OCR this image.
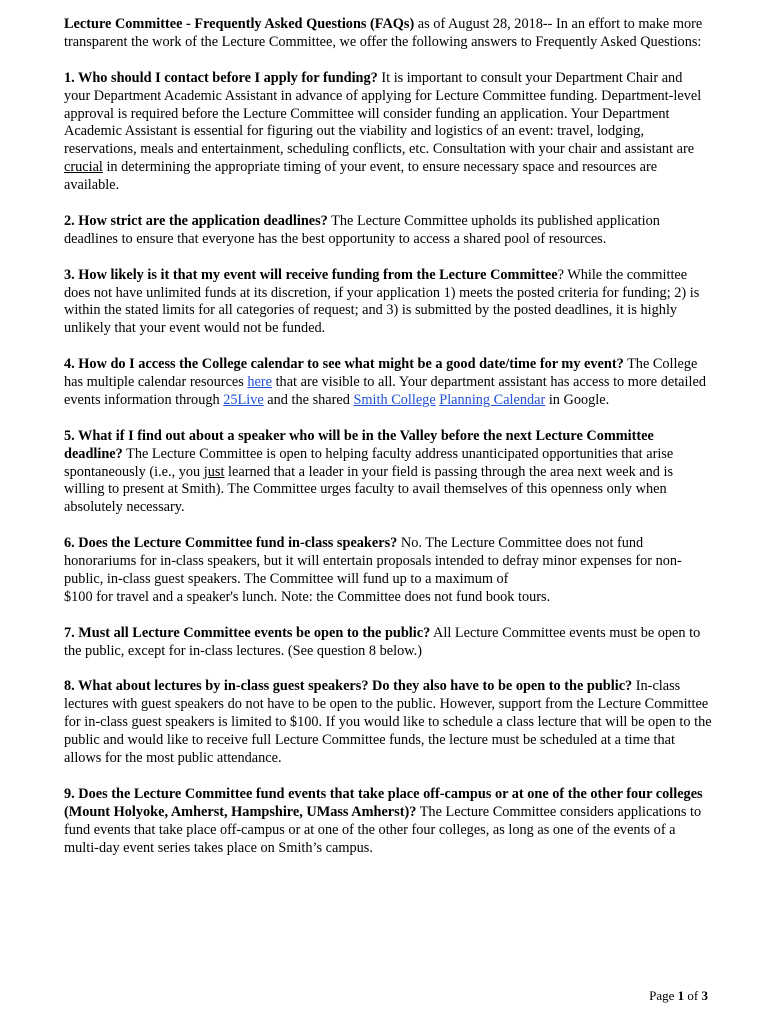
Lecture Committee - Frequently Asked Questions (FAQs) as of August 28, 2018-- In an effort to make more transparent the work of the Lecture Committee, we offer the following answers to Frequently Asked Questions:

1. Who should I contact before I apply for funding? It is important to consult your Department Chair and your Department Academic Assistant in advance of applying for Lecture Committee funding. Department-level approval is required before the Lecture Committee will consider funding an application. Your Department Academic Assistant is essential for figuring out the viability and logistics of an event: travel, lodging, reservations, meals and entertainment, scheduling conflicts, etc. Consultation with your chair and assistant are crucial in determining the appropriate timing of your event, to ensure necessary space and resources are available.

2. How strict are the application deadlines? The Lecture Committee upholds its published application deadlines to ensure that everyone has the best opportunity to access a shared pool of resources.

3. How likely is it that my event will receive funding from the Lecture Committee? While the committee does not have unlimited funds at its discretion, if your application 1) meets the posted criteria for funding; 2) is within the stated limits for all categories of request; and 3) is submitted by the posted deadlines, it is highly unlikely that your event would not be funded.

4. How do I access the College calendar to see what might be a good date/time for my event? The College has multiple calendar resources here that are visible to all. Your department assistant has access to more detailed events information through 25Live and the shared Smith College Planning Calendar in Google.

5. What if I find out about a speaker who will be in the Valley before the next Lecture Committee deadline? The Lecture Committee is open to helping faculty address unanticipated opportunities that arise spontaneously (i.e., you just learned that a leader in your field is passing through the area next week and is willing to present at Smith). The Committee urges faculty to avail themselves of this openness only when absolutely necessary.

6. Does the Lecture Committee fund in-class speakers? No. The Lecture Committee does not fund honorariums for in-class speakers, but it will entertain proposals intended to defray minor expenses for non-public, in-class guest speakers. The Committee will fund up to a maximum of
$100 for travel and a speaker's lunch. Note: the Committee does not fund book tours.

7. Must all Lecture Committee events be open to the public? All Lecture Committee events must be open to the public, except for in-class lectures. (See question 8 below.)

8. What about lectures by in-class guest speakers? Do they also have to be open to the public? In-class lectures with guest speakers do not have to be open to the public. However, support from the Lecture Committee for in-class guest speakers is limited to $100. If you would like to schedule a class lecture that will be open to the public and would like to receive full Lecture Committee funds, the lecture must be scheduled at a time that allows for the most public attendance.

9. Does the Lecture Committee fund events that take place off-campus or at one of the other four colleges (Mount Holyoke, Amherst, Hampshire, UMass Amherst)? The Lecture Committee considers applications to fund events that take place off-campus or at one of the other four colleges, as long as one of the events of a multi-day event series takes place on Smith’s campus.

Page 1 of 3
